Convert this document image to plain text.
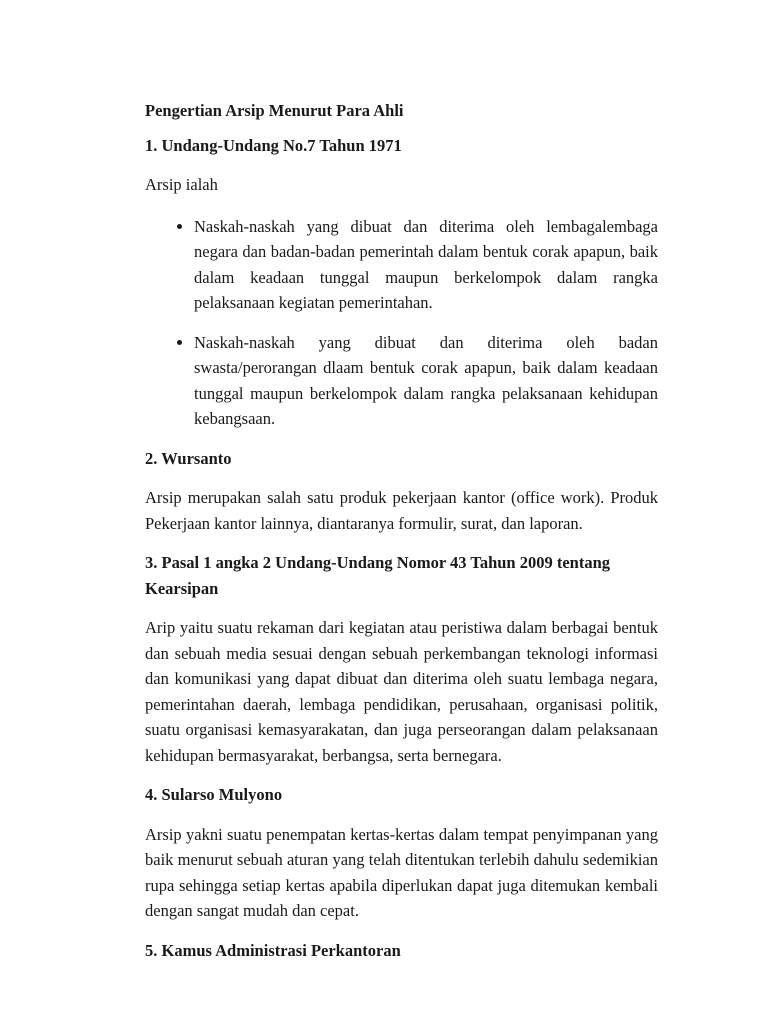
Pengertian Arsip Menurut Para Ahli
1. Undang-Undang No.7 Tahun 1971

Arsip ialah

• Naskah-naskah yang dibuat dan diterima oleh lembagalembaga negara dan badan-badan pemerintah dalam bentuk corak apapun, baik dalam keadaan tunggal maupun berkelompok dalam rangka pelaksanaan kegiatan pemerintahan.
• Naskah-naskah yang dibuat dan diterima oleh badan swasta/perorangan dlaam bentuk corak apapun, baik dalam keadaan tunggal maupun berkelompok dalam rangka pelaksanaan kehidupan kebangsaan.
2. Wursanto

Arsip merupakan salah satu produk pekerjaan kantor (office work). Produk Pekerjaan kantor lainnya, diantaranya formulir, surat, dan laporan.

3. Pasal 1 angka 2 Undang-Undang Nomor 43 Tahun 2009 tentang Kearsipan

Arip yaitu suatu rekaman dari kegiatan atau peristiwa dalam berbagai bentuk dan sebuah media sesuai dengan sebuah perkembangan teknologi informasi dan komunikasi yang dapat dibuat dan diterima oleh suatu lembaga negara, pemerintahan daerah, lembaga pendidikan, perusahaan, organisasi politik, suatu organisasi kemasyarakatan, dan juga perseorangan dalam pelaksanaan kehidupan bermasyarakat, berbangsa, serta bernegara.

4. Sularso Mulyono

Arsip yakni suatu penempatan kertas-kertas dalam tempat penyimpanan yang baik menurut sebuah aturan yang telah ditentukan terlebih dahulu sedemikian rupa sehingga setiap kertas apabila diperlukan dapat juga ditemukan kembali dengan sangat mudah dan cepat.

5. Kamus Administrasi Perkantoran
